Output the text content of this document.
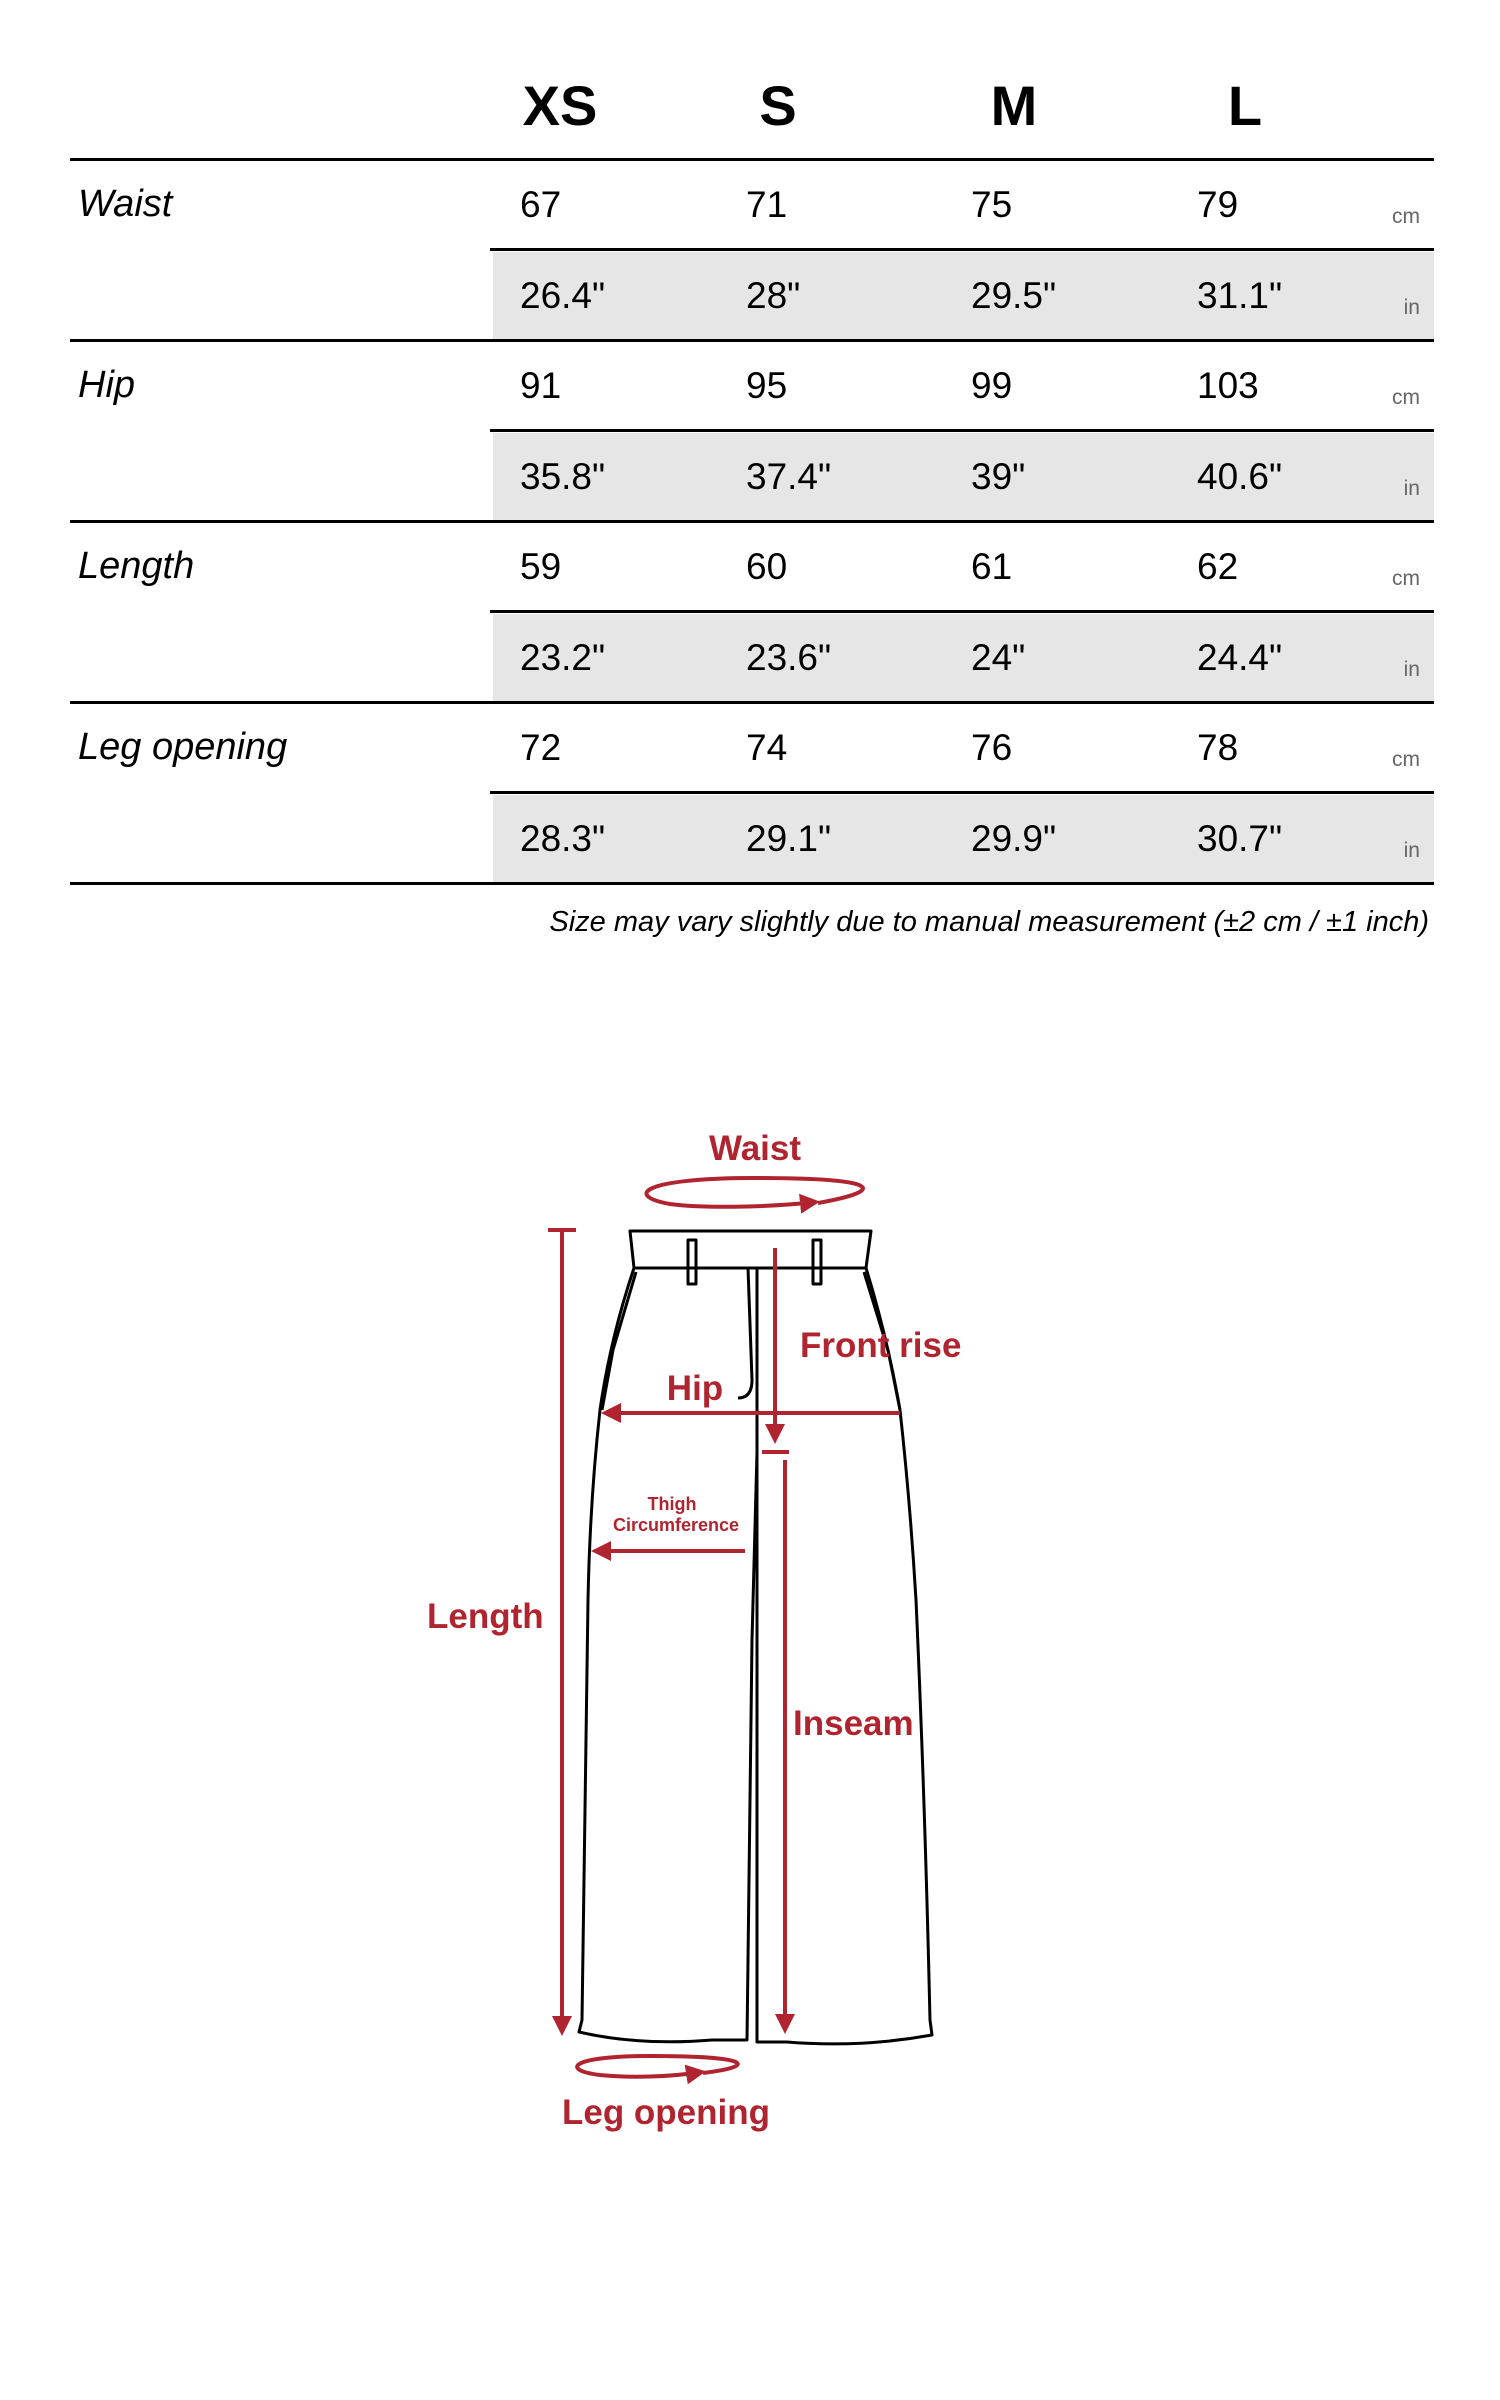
XS	S	M	L
Waist	67	71	75	79	cm
26.4"	28"	29.5"	31.1"	in
Hip	91	95	99	103	cm
35.8"	37.4"	39"	40.6"	in
Length	59	60	61	62	cm
23.2"	23.6"	24"	24.4"	in
Leg opening	72	74	76	78	cm
28.3"	29.1"	29.9"	30.7"	in
Size may vary slightly due to manual measurement (±2 cm / ±1 inch)
Waist
Front rise
Hip
Thigh
Circumference
Length
Inseam
Leg opening
